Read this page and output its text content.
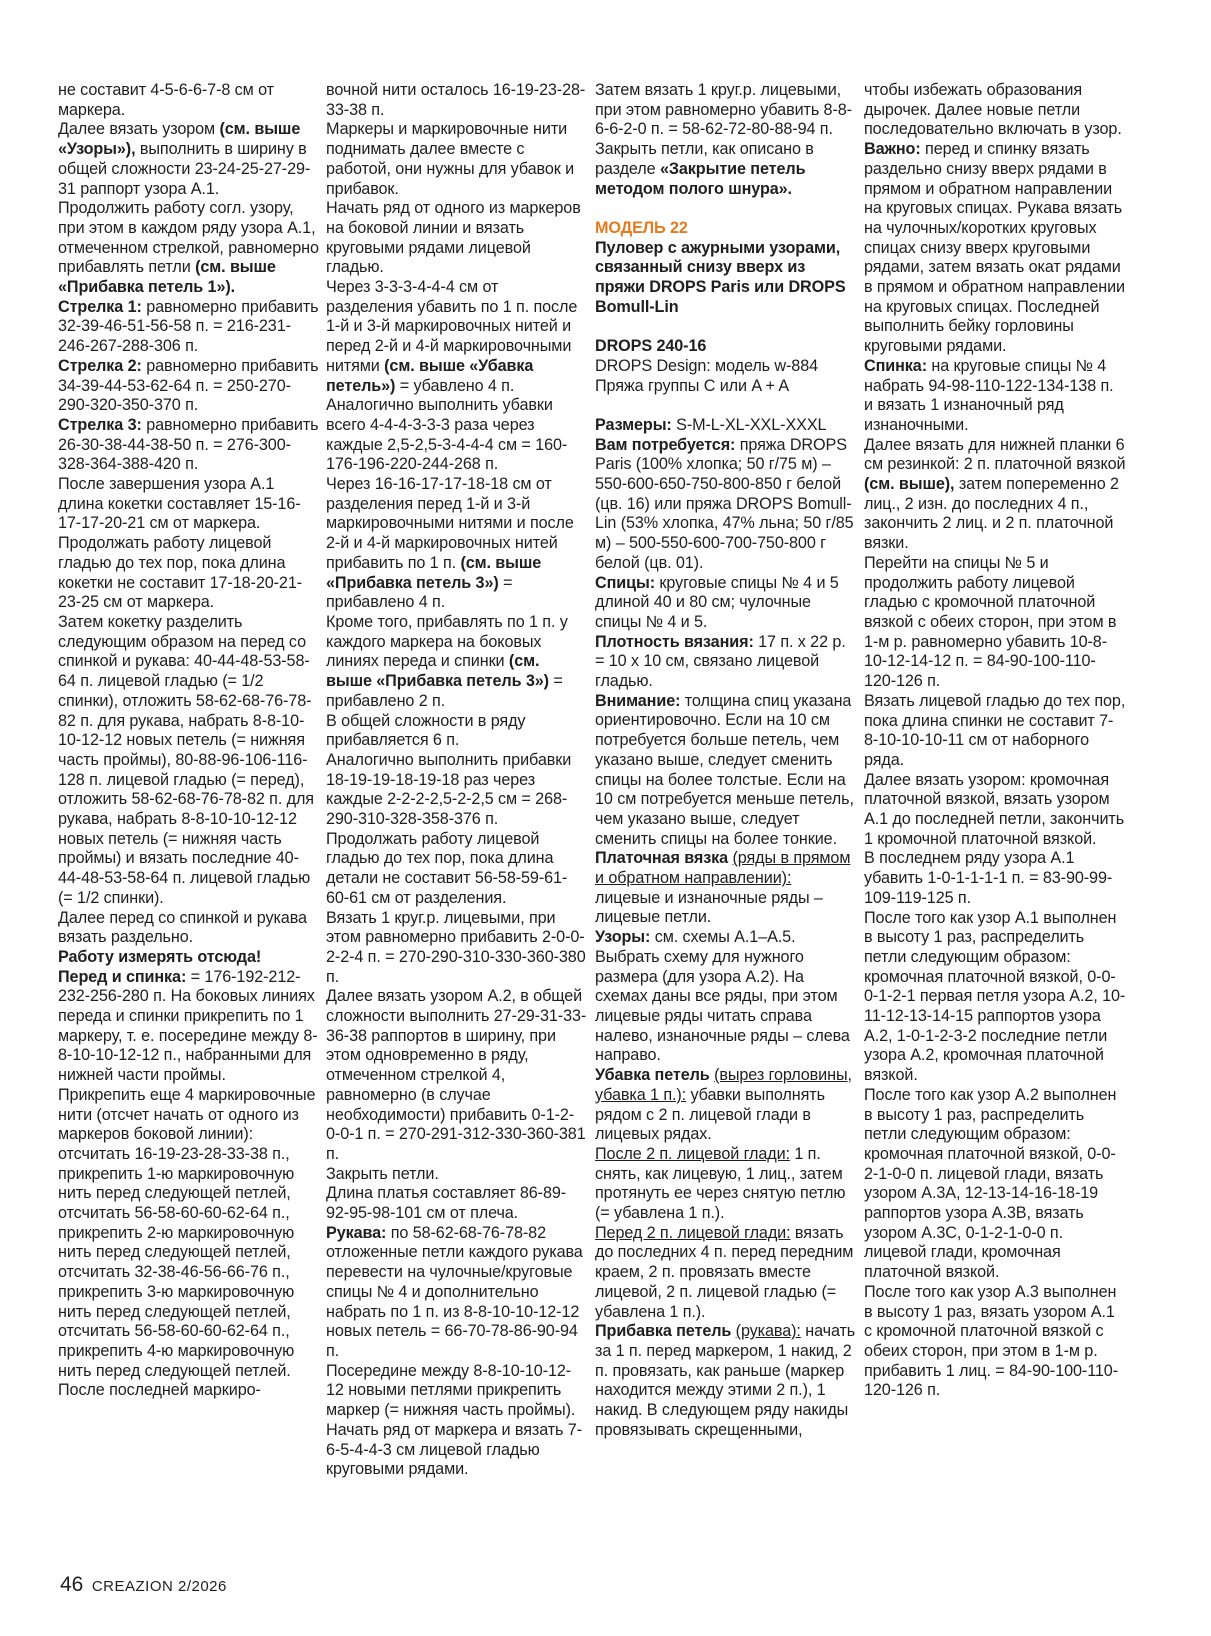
не составит 4-5-6-6-7-8 см от маркера.

Далее вязать узором (см. выше «Узоры»), выполнить в ширину в общей сложности 23-24-25-27-29-31 раппорт узора A.1.

Продолжить работу согл. узору, при этом в каждом ряду узора A.1, отмеченном стрелкой, равномерно прибавлять петли (см. выше «Прибавка петель 1»).

Стрелка 1: равномерно прибавить 32-39-46-51-56-58 п. = 216-231-246-267-288-306 п.

Стрелка 2: равномерно прибавить 34-39-44-53-62-64 п. = 250-270-290-320-350-370 п.

Стрелка 3: равномерно прибавить 26-30-38-44-38-50 п. = 276-300-328-364-388-420 п.

После завершения узора A.1 длина кокетки составляет 15-16-17-17-20-21 см от маркера.

Продолжать работу лицевой гладью до тех пор, пока длина кокетки не составит 17-18-20-21-23-25 см от маркера.

Затем кокетку разделить следующим образом на перед со спинкой и рукава: 40-44-48-53-58-64 п. лицевой гладью (= 1/2 спинки), отложить 58-62-68-76-78-82 п. для рукава, набрать 8-8-10-10-12-12 новых петель (= нижняя часть проймы), 80-88-96-106-116-128 п. лицевой гладью (= перед), отложить 58-62-68-76-78-82 п. для рукава, набрать 8-8-10-10-12-12 новых петель (= нижняя часть проймы) и вязать последние 40-44-48-53-58-64 п. лицевой гладью (= 1/2 спинки).

Далее перед со спинкой и рукава вязать раздельно.

Работу измерять отсюда!

Перед и спинка: = 176-192-212-232-256-280 п. На боковых линиях переда и спинки прикрепить по 1 маркеру, т. е. посередине между 8-8-10-10-12-12 п., набранными для нижней части проймы.

Прикрепить еще 4 маркировочные нити (отсчет начать от одного из маркеров боковой линии): отсчитать 16-19-23-28-33-38 п., прикрепить 1-ю маркировочную нить перед следующей петлей, отсчитать 56-58-60-60-62-64 п., прикрепить 2-ю маркировочную нить перед следующей петлей, отсчитать 32-38-46-56-66-76 п., прикрепить 3-ю маркировочную нить перед следующей петлей, отсчитать 56-58-60-60-62-64 п., прикрепить 4-ю маркировочную нить перед следующей петлей.

После последней маркиро-

вочной нити осталось 16-19-23-28-33-38 п.

Маркеры и маркировочные нити поднимать далее вместе с работой, они нужны для убавок и прибавок.

Начать ряд от одного из маркеров на боковой линии и вязать круговыми рядами лицевой гладью.

Через 3-3-3-4-4-4 см от разделения убавить по 1 п. после 1-й и 3-й маркировочных нитей и перед 2-й и 4-й маркировочными нитями (см. выше «Убавка петель») = убавлено 4 п.

Аналогично выполнить убавки всего 4-4-4-3-3-3 раза через каждые 2,5-2,5-3-4-4-4 см = 160-176-196-220-244-268 п.

Через 16-16-17-17-18-18 см от разделения перед 1-й и 3-й маркировочными нитями и после 2-й и 4-й маркировочных нитей прибавить по 1 п. (см. выше «Прибавка петель 3») = прибавлено 4 п.

Кроме того, прибавлять по 1 п. у каждого маркера на боковых линиях переда и спинки (см. выше «Прибавка петель 3») = прибавлено 2 п.

В общей сложности в ряду прибавляется 6 п.

Аналогично выполнить прибавки 18-19-19-18-19-18 раз через каждые 2-2-2-2,5-2-2,5 см = 268-290-310-328-358-376 п.

Продолжать работу лицевой гладью до тех пор, пока длина детали не составит 56-58-59-61-60-61 см от разделения.

Вязать 1 круг.р. лицевыми, при этом равномерно прибавить 2-0-0-2-2-4 п. = 270-290-310-330-360-380 п.

Далее вязать узором A.2, в общей сложности выполнить 27-29-31-33-36-38 раппортов в ширину, при этом одновременно в ряду, отмеченном стрелкой 4, равномерно (в случае необходимости) прибавить 0-1-2-0-0-1 п. = 270-291-312-330-360-381 п.

Закрыть петли.

Длина платья составляет 86-89-92-95-98-101 см от плеча.

Рукава: по 58-62-68-76-78-82 отложенные петли каждого рукава перевести на чулочные/круговые спицы № 4 и дополнительно набрать по 1 п. из 8-8-10-10-12-12 новых петель = 66-70-78-86-90-94 п.

Посередине между 8-8-10-10-12-12 новыми петлями прикрепить маркер (= нижняя часть проймы).

Начать ряд от маркера и вязать 7-6-5-4-4-3 см лицевой гладью круговыми рядами.

Затем вязать 1 круг.р. лицевыми, при этом равномерно убавить 8-8-6-6-2-0 п. = 58-62-72-80-88-94 п.

Закрыть петли, как описано в разделе «Закрытие петель методом полого шнура».

МОДЕЛЬ 22

Пуловер с ажурными узорами, связанный снизу вверх из пряжи DROPS Paris или DROPS Bomull-Lin

DROPS 240-16

DROPS Design: модель w-884

Пряжа группы C или A + A

Размеры: S-M-L-XL-XXL-XXXL

Вам потребуется: пряжа DROPS Paris (100% хлопка; 50 г/75 м) – 550-600-650-750-800-850 г белой (цв. 16) или пряжа DROPS Bomull-Lin (53% хлопка, 47% льна; 50 г/85 м) – 500-550-600-700-750-800 г белой (цв. 01).

Спицы: круговые спицы № 4 и 5 длиной 40 и 80 см; чулочные спицы № 4 и 5.

Плотность вязания: 17 п. x 22 р. = 10 x 10 см, связано лицевой гладью.

Внимание: толщина спиц указана ориентировочно. Если на 10 см потребуется больше петель, чем указано выше, следует сменить спицы на более толстые. Если на 10 см потребуется меньше петель, чем указано выше, следует сменить спицы на более тонкие.

Платочная вязка (ряды в прямом и обратном направлении): лицевые и изнаночные ряды – лицевые петли.

Узоры: см. схемы A.1–A.5. Выбрать схему для нужного размера (для узора A.2). На схемах даны все ряды, при этом лицевые ряды читать справа налево, изнаночные ряды – слева направо.

Убавка петель (вырез горловины, убавка 1 п.): убавки выполнять рядом с 2 п. лицевой глади в лицевых рядах.

После 2 п. лицевой глади: 1 п. снять, как лицевую, 1 лиц., затем протянуть ее через снятую петлю (= убавлена 1 п.).

Перед 2 п. лицевой глади: вязать до последних 4 п. перед передним краем, 2 п. провязать вместе лицевой, 2 п. лицевой гладью (= убавлена 1 п.).

Прибавка петель (рукава): начать за 1 п. перед маркером, 1 накид, 2 п. провязать, как раньше (маркер находится между этими 2 п.), 1 накид. В следующем ряду накиды провязывать скрещенными,

чтобы избежать образования дырочек. Далее новые петли последовательно включать в узор.

Важно: перед и спинку вязать раздельно снизу вверх рядами в прямом и обратном направлении на круговых спицах. Рукава вязать на чулочных/коротких круговых спицах снизу вверх круговыми рядами, затем вязать окат рядами в прямом и обратном направлении на круговых спицах. Последней выполнить бейку горловины круговыми рядами.

Спинка: на круговые спицы № 4 набрать 94-98-110-122-134-138 п. и вязать 1 изнаночный ряд изнаночными.

Далее вязать для нижней планки 6 см резинкой: 2 п. платочной вязкой (см. выше), затем попеременно 2 лиц., 2 изн. до последних 4 п., закончить 2 лиц. и 2 п. платочной вязки.

Перейти на спицы № 5 и продолжить работу лицевой гладью с кромочной платочной вязкой с обеих сторон, при этом в 1-м р. равномерно убавить 10-8-10-12-14-12 п. = 84-90-100-110-120-126 п.

Вязать лицевой гладью до тех пор, пока длина спинки не составит 7-8-10-10-10-11 см от наборного ряда.

Далее вязать узором: кромочная платочной вязкой, вязать узором A.1 до последней петли, закончить 1 кромочной платочной вязкой.

В последнем ряду узора A.1 убавить 1-0-1-1-1-1 п. = 83-90-99-109-119-125 п.

После того как узор A.1 выполнен в высоту 1 раз, распределить петли следующим образом: кромочная платочной вязкой, 0-0-0-1-2-1 первая петля узора A.2, 10-11-12-13-14-15 раппортов узора A.2, 1-0-1-2-3-2 последние петли узора A.2, кромочная платочной вязкой.

После того как узор A.2 выполнен в высоту 1 раз, распределить петли следующим образом: кромочная платочной вязкой, 0-0-2-1-0-0 п. лицевой глади, вязать узором A.3A, 12-13-14-16-18-19 раппортов узора A.3B, вязать узором A.3C, 0-1-2-1-0-0 п. лицевой глади, кромочная платочной вязкой.

После того как узор A.3 выполнен в высоту 1 раз, вязать узором A.1 с кромочной платочной вязкой с обеих сторон, при этом в 1-м р. прибавить 1 лиц. = 84-90-100-110-120-126 п.

46 CREAZION 2/2026
